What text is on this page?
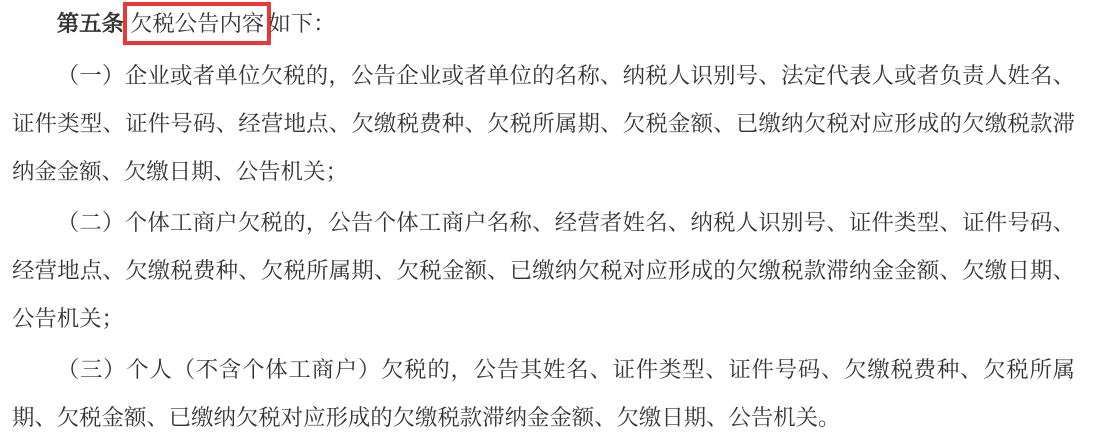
第五条 欠税公告内容 如下：

（一）企业或者单位欠税的，公告企业或者单位的名称、纳税人识别号、法定代表人或者负责人姓名、证件类型、证件号码、经营地点、欠缴税费种、欠税所属期、欠税金额、已缴纳欠税对应形成的欠缴税款滞纳金金额、欠缴日期、公告机关；

（二）个体工商户欠税的，公告个体工商户名称、经营者姓名、纳税人识别号、证件类型、证件号码、经营地点、欠缴税费种、欠税所属期、欠税金额、已缴纳欠税对应形成的欠缴税款滞纳金金额、欠缴日期、公告机关；

（三）个人（不含个体工商户）欠税的，公告其姓名、证件类型、证件号码、欠缴税费种、欠税所属期、欠税金额、已缴纳欠税对应形成的欠缴税款滞纳金金额、欠缴日期、公告机关。
